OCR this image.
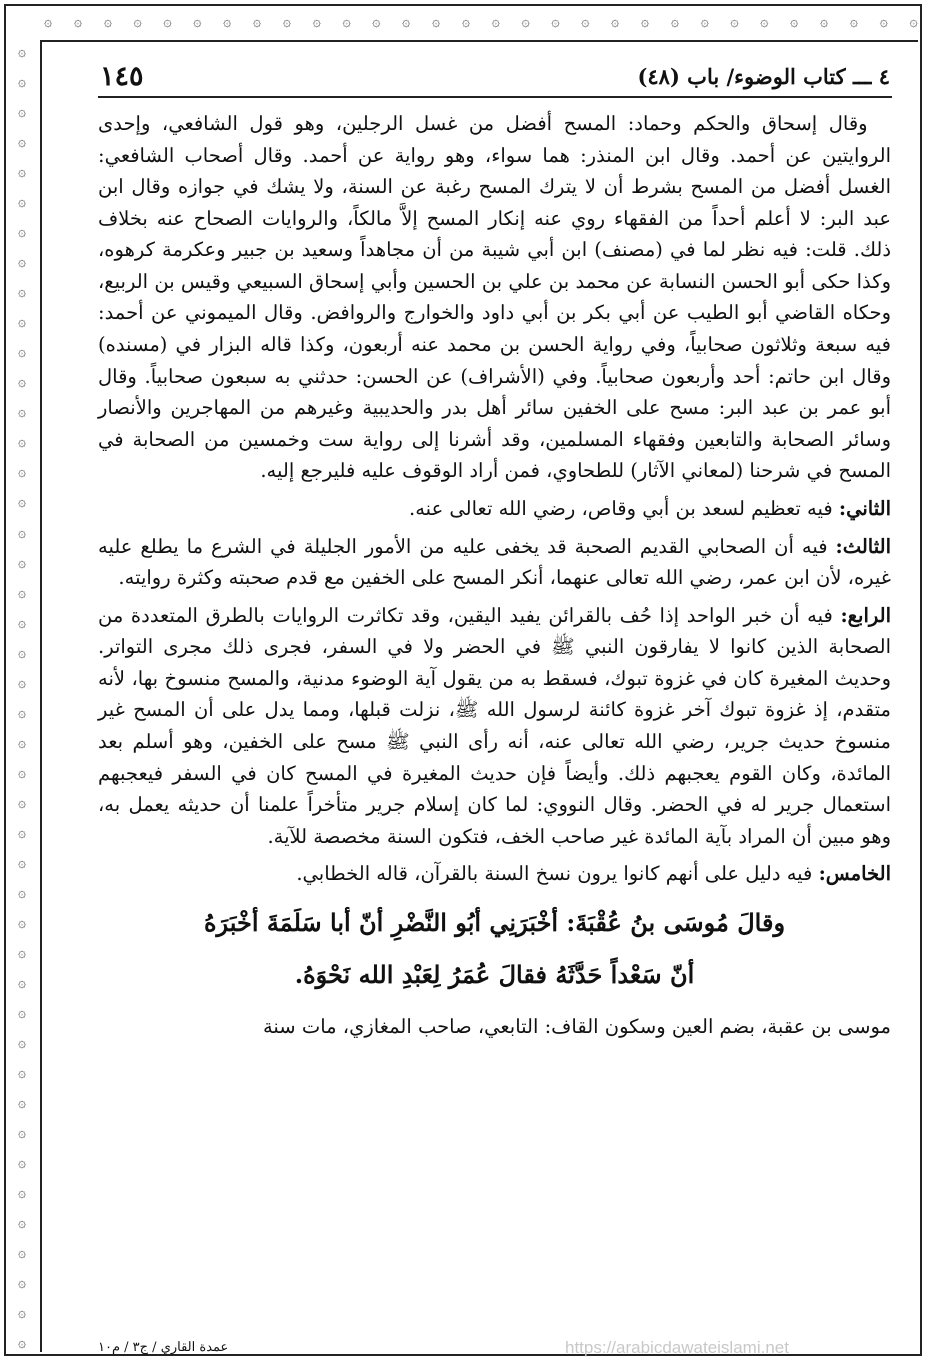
۞ ۞ ۞ ۞ ۞ ۞ ۞ ۞ ۞ ۞ ۞ ۞ ۞ ۞ ۞ ۞ ۞ ۞ ۞ ۞ ۞ ۞ ۞ ۞ ۞ ۞ ۞ ۞ ۞ ۞
۞
۞
۞
۞
۞
۞
۞
۞
۞
۞
۞
۞
۞
۞
۞
۞
۞
۞
۞
۞
۞
۞
۞
۞
۞
۞
۞
۞
۞
۞
۞
۞
۞
۞
۞
۞
۞
۞
۞
۞
۞
۞
۞
۞
٤ ـــ كتاب الوضوء/ باب (٤٨)
١٤٥

وقال إسحاق والحكم وحماد: المسح أفضل من غسل الرجلين، وهو قول الشافعي، وإحدى الروايتين عن أحمد. وقال ابن المنذر: هما سواء، وهو رواية عن أحمد. وقال أصحاب الشافعي: الغسل أفضل من المسح بشرط أن لا يترك المسح رغبة عن السنة، ولا يشك في جوازه وقال ابن عبد البر: لا أعلم أحداً من الفقهاء روي عنه إنكار المسح إلاَّ مالكاً، والروايات الصحاح عنه بخلاف ذلك. قلت: فيه نظر لما في (مصنف) ابن أبي شيبة من أن مجاهداً وسعيد بن جبير وعكرمة كرهوه، وكذا حكى أبو الحسن النسابة عن محمد بن علي بن الحسين وأبي إسحاق السبيعي وقيس بن الربيع، وحكاه القاضي أبو الطيب عن أبي بكر بن أبي داود والخوارج والروافض. وقال الميموني عن أحمد: فيه سبعة وثلاثون صحابياً، وفي رواية الحسن بن محمد عنه أربعون، وكذا قاله البزار في (مسنده) وقال ابن حاتم: أحد وأربعون صحابياً. وفي (الأشراف) عن الحسن: حدثني به سبعون صحابياً. وقال أبو عمر بن عبد البر: مسح على الخفين سائر أهل بدر والحديبية وغيرهم من المهاجرين والأنصار وسائر الصحابة والتابعين وفقهاء المسلمين، وقد أشرنا إلى رواية ست وخمسين من الصحابة في المسح في شرحنا (لمعاني الآثار) للطحاوي، فمن أراد الوقوف عليه فليرجع إليه.

الثاني: فيه تعظيم لسعد بن أبي وقاص، رضي الله تعالى عنه.

الثالث: فيه أن الصحابي القديم الصحبة قد يخفى عليه من الأمور الجليلة في الشرع ما يطلع عليه غيره، لأن ابن عمر، رضي الله تعالى عنهما، أنكر المسح على الخفين مع قدم صحبته وكثرة روايته.

الرابع: فيه أن خبر الواحد إذا حُف بالقرائن يفيد اليقين، وقد تكاثرت الروايات بالطرق المتعددة من الصحابة الذين كانوا لا يفارقون النبي ﷺ في الحضر ولا في السفر، فجرى ذلك مجرى التواتر. وحديث المغيرة كان في غزوة تبوك، فسقط به من يقول آية الوضوء مدنية، والمسح منسوخ بها، لأنه متقدم، إذ غزوة تبوك آخر غزوة كائنة لرسول الله ﷺ، نزلت قبلها، ومما يدل على أن المسح غير منسوخ حديث جرير، رضي الله تعالى عنه، أنه رأى النبي ﷺ مسح على الخفين، وهو أسلم بعد المائدة، وكان القوم يعجبهم ذلك. وأيضاً فإن حديث المغيرة في المسح كان في السفر فيعجبهم استعمال جرير له في الحضر. وقال النووي: لما كان إسلام جرير متأخراً علمنا أن حديثه يعمل به، وهو مبين أن المراد بآية المائدة غير صاحب الخف، فتكون السنة مخصصة للآية.

الخامس: فيه دليل على أنهم كانوا يرون نسخ السنة بالقرآن، قاله الخطابي.

وقالَ مُوسَى بنُ عُقْبَةَ: أخْبَرَنِي أبُو النَّضْرِ أنّ أبا سَلَمَةَ أخْبَرَهُ
أنّ سَعْداً حَدَّثَهُ فقالَ عُمَرُ لِعَبْدِ الله نَحْوَهُ.

موسى بن عقبة، بضم العين وسكون القاف: التابعي، صاحب المغازي، مات سنة

عمدة القاري / ج٣ / م١٠	https://arabicdawateislami.net
